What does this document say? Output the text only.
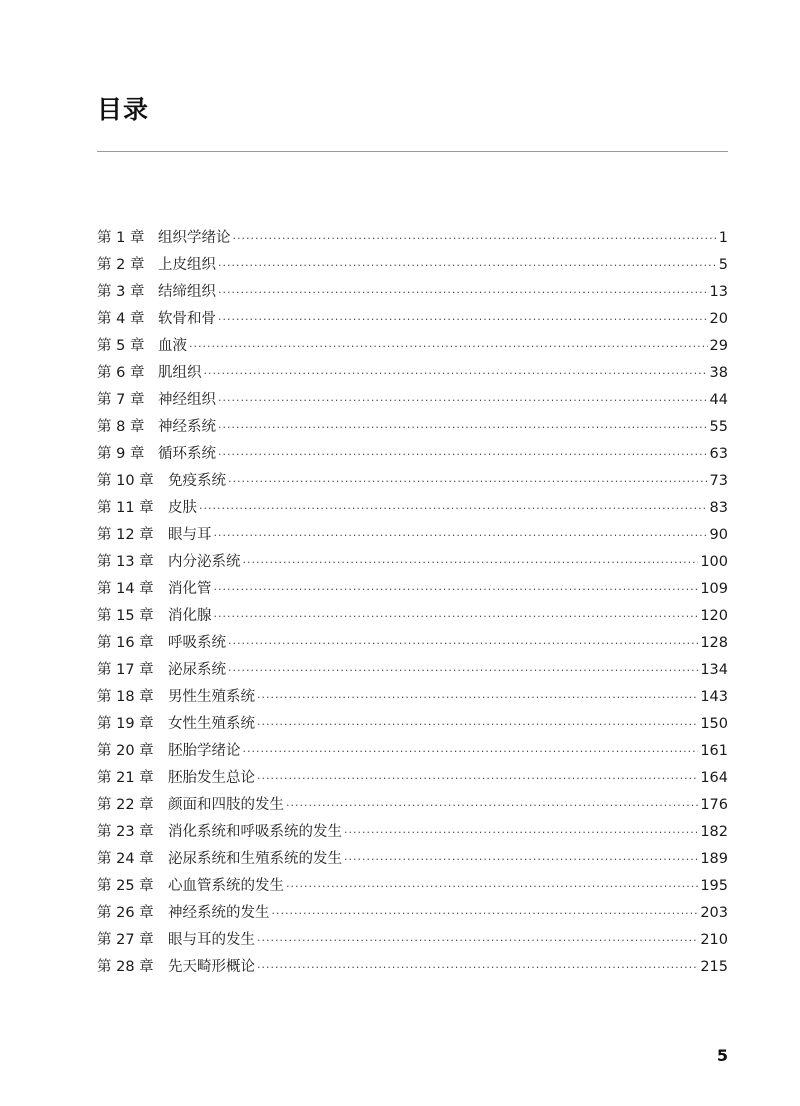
目录
第 1 章 组织学绪论 ·····	1
第 2 章 上皮组织 ·····	5
第 3 章 结缔组织 ·····	13
第 4 章 软骨和骨 ·····	20
第 5 章 血液 ·····	29
第 6 章 肌组织 ·····	38
第 7 章 神经组织 ·····	44
第 8 章 神经系统 ·····	55
第 9 章 循环系统 ·····	63
第 10 章 免疫系统 ·····	73
第 11 章 皮肤 ·····	83
第 12 章 眼与耳 ·····	90
第 13 章 内分泌系统 ·····	100
第 14 章 消化管 ·····	109
第 15 章 消化腺 ·····	120
第 16 章 呼吸系统 ·····	128
第 17 章 泌尿系统 ·····	134
第 18 章 男性生殖系统 ·····	143
第 19 章 女性生殖系统 ·····	150
第 20 章 胚胎学绪论 ·····	161
第 21 章 胚胎发生总论 ·····	164
第 22 章 颜面和四肢的发生 ·····	176
第 23 章 消化系统和呼吸系统的发生 ·····	182
第 24 章 泌尿系统和生殖系统的发生 ·····	189
第 25 章 心血管系统的发生 ·····	195
第 26 章 神经系统的发生 ·····	203
第 27 章 眼与耳的发生 ·····	210
第 28 章 先天畸形概论 ·····	215
5
